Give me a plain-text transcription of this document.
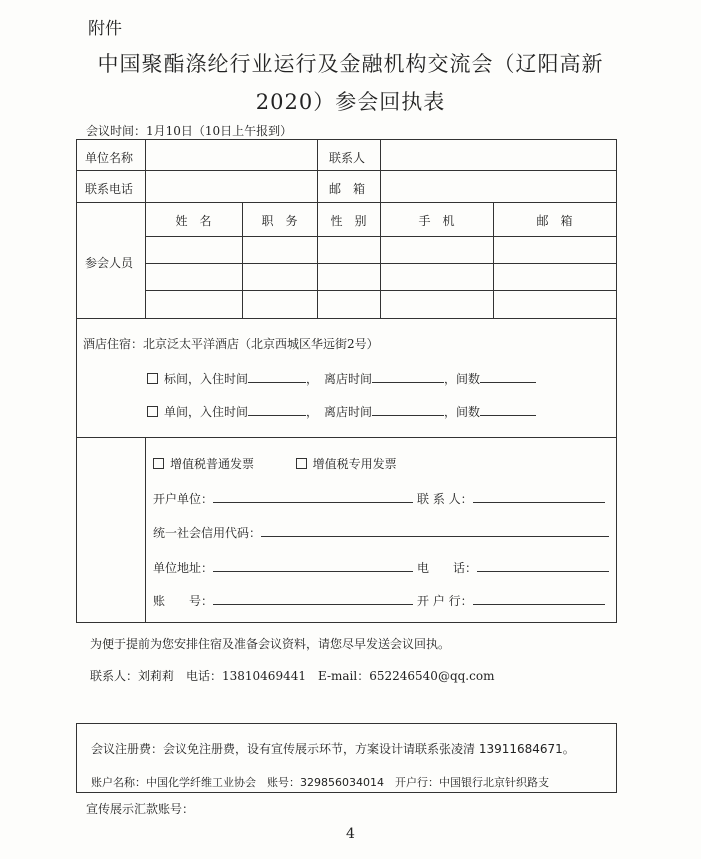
附件
中国聚酯涤纶行业运行及金融机构交流会（辽阳高新
2020）参会回执表
会议时间：1月10日（10日上午报到）
单位名称	联系人
联系电话	邮　箱
参会人员
姓　名	职　务	性　别	手　机	邮　箱
酒店住宿：北京泛太平洋酒店（北京西城区华远街2号）
标间，入住时间	，　离店时间	，间数
单间，入住时间	，　离店时间	，间数
增值税普通发票	增值税专用发票
开户单位：	联 系 人：
统一社会信用代码：
单位地址：	电　　话：
账　　号：	开 户 行：
为便于提前为您安排住宿及准备会议资料，请您尽早发送会议回执。
联系人：刘莉莉　电话：13810469441　E-mail：652246540@qq.com
会议注册费：会议免注册费，设有宣传展示环节，方案设计请联系张凌清 13911684671。
账户名称：中国化学纤维工业协会　账号：329856034014　开户行：中国银行北京针织路支
宣传展示汇款账号：
4
